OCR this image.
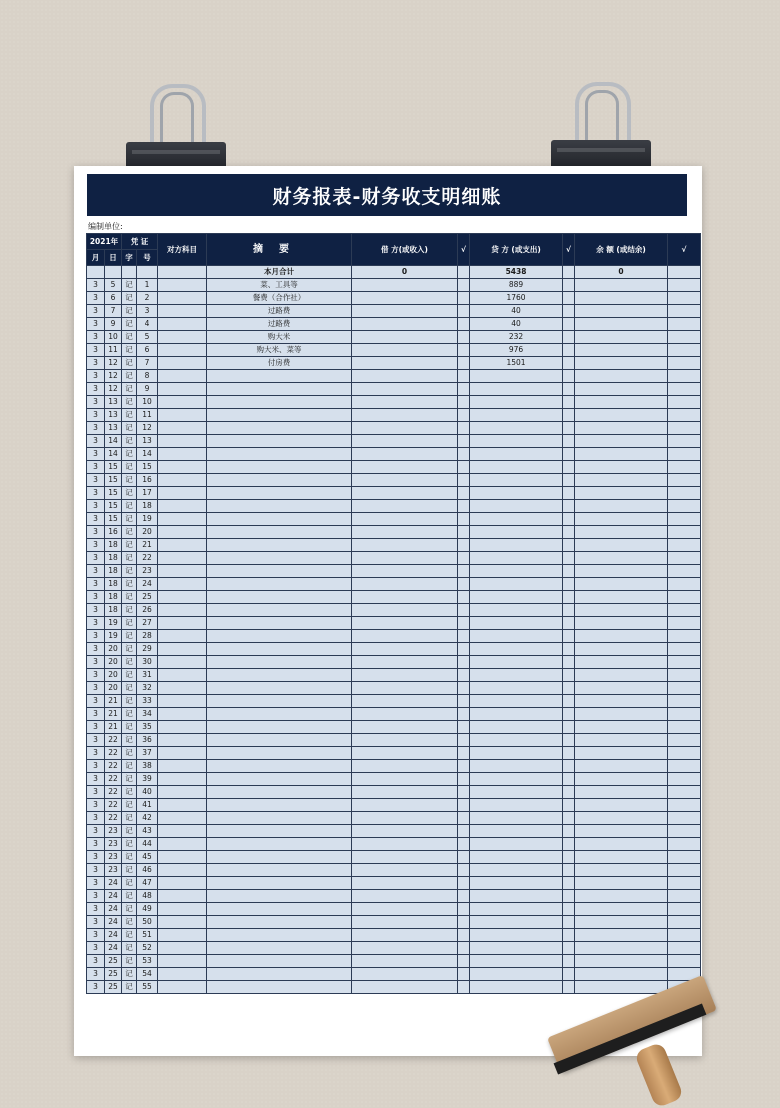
财务报表-财务收支明细账
编制单位:
2021年		凭 证		对方科目	摘要	借 方(或收入)	√	贷 方 (或支出)	√	余 额 (或结余)	√
月	日	字	号								
					本月合计	0		5438		0	
3	5	记	1		菜、工具等			889			
3	6	记	2		餐费（合作社）			1760			
3	7	记	3		过路费			40			
3	9	记	4		过路费			40			
3	10	记	5		购大米			232			
3	11	记	6		购大米、菜等			976			
3	12	记	7		付房费			1501			
3	12	记	8								
3	12	记	9								
3	13	记	10								
3	13	记	11								
3	13	记	12								
3	14	记	13								
3	14	记	14								
3	15	记	15								
3	15	记	16								
3	15	记	17								
3	15	记	18								
3	15	记	19								
3	16	记	20								
3	18	记	21								
3	18	记	22								
3	18	记	23								
3	18	记	24								
3	18	记	25								
3	18	记	26								
3	19	记	27								
3	19	记	28								
3	20	记	29								
3	20	记	30								
3	20	记	31								
3	20	记	32								
3	21	记	33								
3	21	记	34								
3	21	记	35								
3	22	记	36								
3	22	记	37								
3	22	记	38								
3	22	记	39								
3	22	记	40								
3	22	记	41								
3	22	记	42								
3	23	记	43								
3	23	记	44								
3	23	记	45								
3	23	记	46								
3	24	记	47								
3	24	记	48								
3	24	记	49								
3	24	记	50								
3	24	记	51								
3	24	记	52								
3	25	记	53								
3	25	记	54								
3	25	记	55								
